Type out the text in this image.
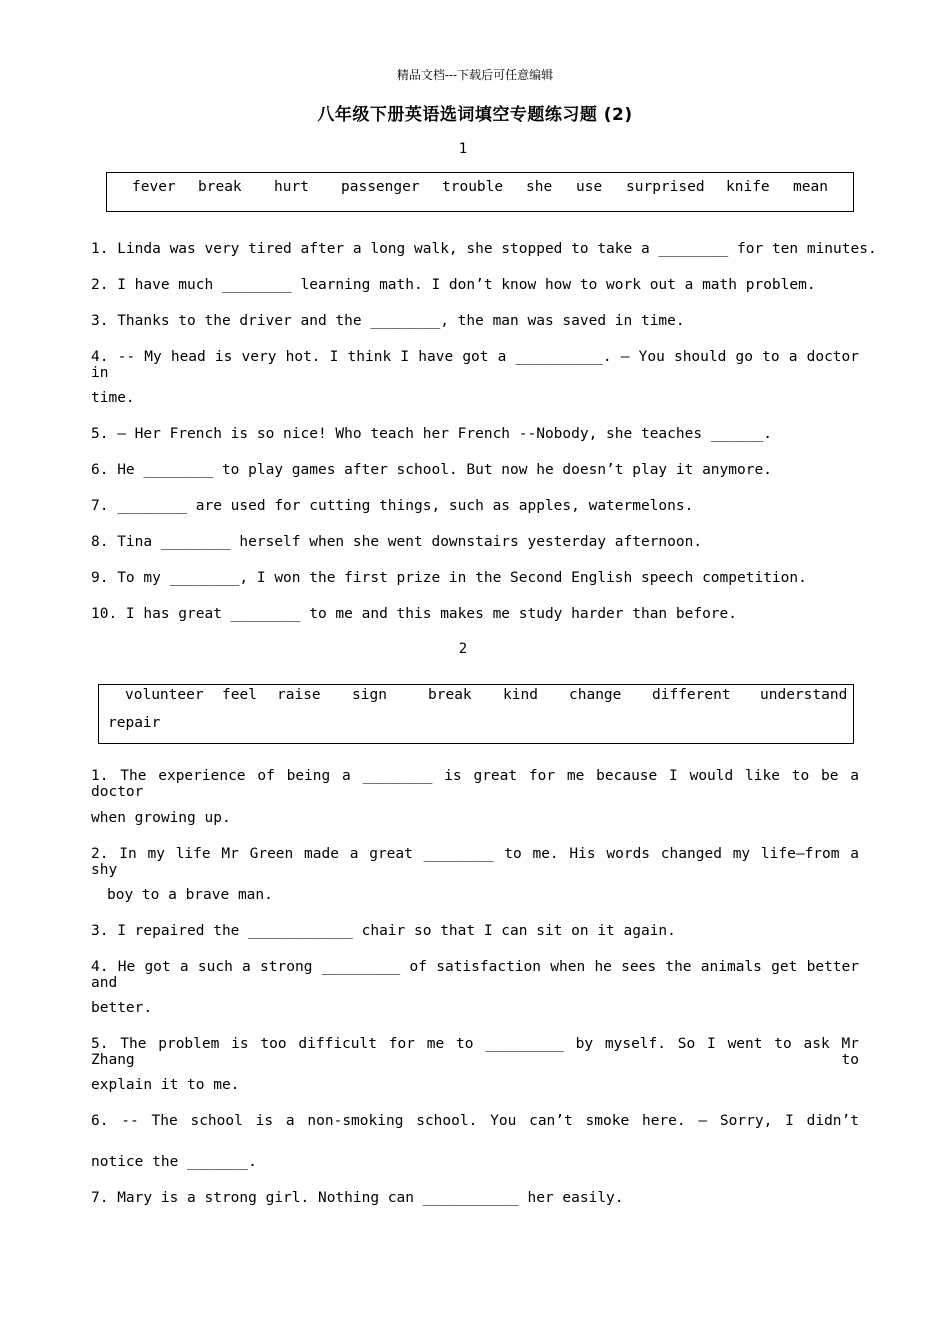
精品文档---下载后可任意编辑
八年级下册英语选词填空专题练习题 (2)
1
fever break hurt passenger trouble she use surprised knife mean
1. Linda was very tired after a long walk, she stopped to take a ________ for ten minutes.
2. I have much ________ learning math. I don’t know how to work out a math problem.
3. Thanks to the driver and the ________, the man was saved in time.
4. -- My head is very hot. I think I have got a __________. – You should go to a doctor in
time.
5. – Her French is so nice! Who teach her French --Nobody, she teaches ______.
6. He ________ to play games after school. But now he doesn’t play it anymore.
7. ________ are used for cutting things, such as apples, watermelons.
8. Tina ________ herself when she went downstairs yesterday afternoon.
9. To my ________, I won the first prize in the Second English speech competition.
10. I has great ________ to me and this makes me study harder than before.
2
volunteer feel raise sign	break kind change different understand
repair
1. The experience of being a ________ is great for me because I would like to be a doctor
when growing up.
2. In my life Mr Green made a great ________ to me. His words changed my life—from a shy
boy to a brave man.
3. I repaired the ____________ chair so that I can sit on it again.
4. He got a such a strong _________ of satisfaction when he sees the animals get better and
better.
5. The problem is too difficult for me to _________ by myself. So I went to ask Mr Zhang to
explain it to me.
6. -- The school is a non-smoking school. You can’t smoke here. – Sorry, I didn’t
notice the _______.
7. Mary is a strong girl. Nothing can ___________ her easily.
